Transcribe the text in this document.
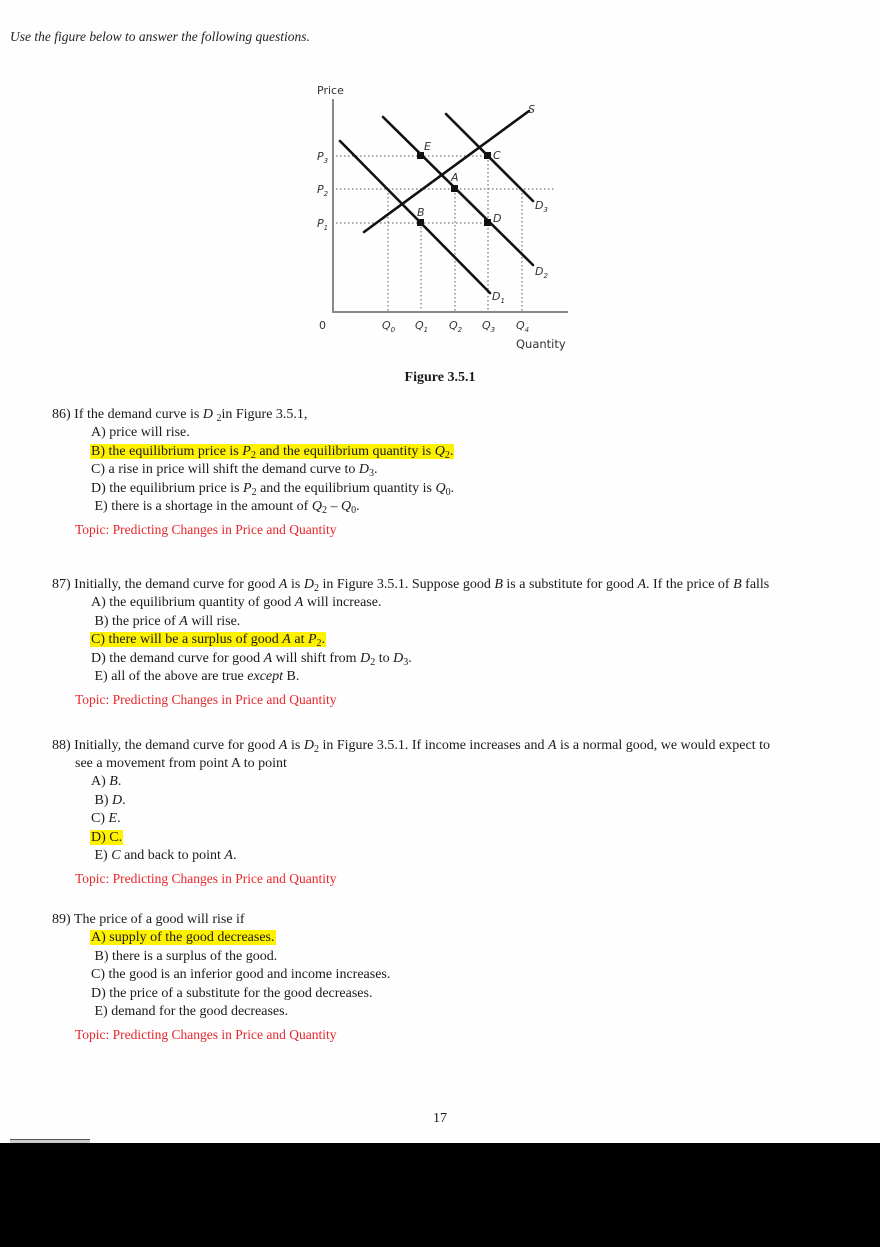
Use the figure below to answer the following questions.
Price
Quantity
0
$P_3$
$P_2$
$P_1$
$Q_0$ $Q_1$ $Q_2$ $Q_3$ $Q_4$
S
$D_1$
$D_2$
$D_3$
E
A
C
B	D
Figure 3.5.1
86) If the demand curve is D $_2$in Figure 3.5.1,
A) price will rise.
B) the equilibrium price is $P_2$ and the equilibrium quantity is $Q_2$.
C) a rise in price will shift the demand curve to $D_3$.
D) the equilibrium price is $P_2$ and the equilibrium quantity is $Q_0$.
E) there is a shortage in the amount of $Q_2 - Q_0$.
Topic: Predicting Changes in Price and Quantity
87) Initially, the demand curve for good A is $D_2$ in Figure 3.5.1. Suppose good B is a substitute for good A. If the price of B falls
A) the equilibrium quantity of good A will increase.
B) the price of A will rise.
C) there will be a surplus of good A at $P_2$.
D) the demand curve for good A will shift from $D_2$ to $D_3$.
E) all of the above are true except B.
Topic: Predicting Changes in Price and Quantity
88) Initially, the demand curve for good A is $D_2$ in Figure 3.5.1. If income increases and A is a normal good, we would expect to
see a movement from point A to point
A) B.
B) D.
C) E.
D) C.
E) C and back to point A.
Topic: Predicting Changes in Price and Quantity
89) The price of a good will rise if
A) supply of the good decreases.
B) there is a surplus of the good.
C) the good is an inferior good and income increases.
D) the price of a substitute for the good decreases.
E) demand for the good decreases.
Topic: Predicting Changes in Price and Quantity
17
